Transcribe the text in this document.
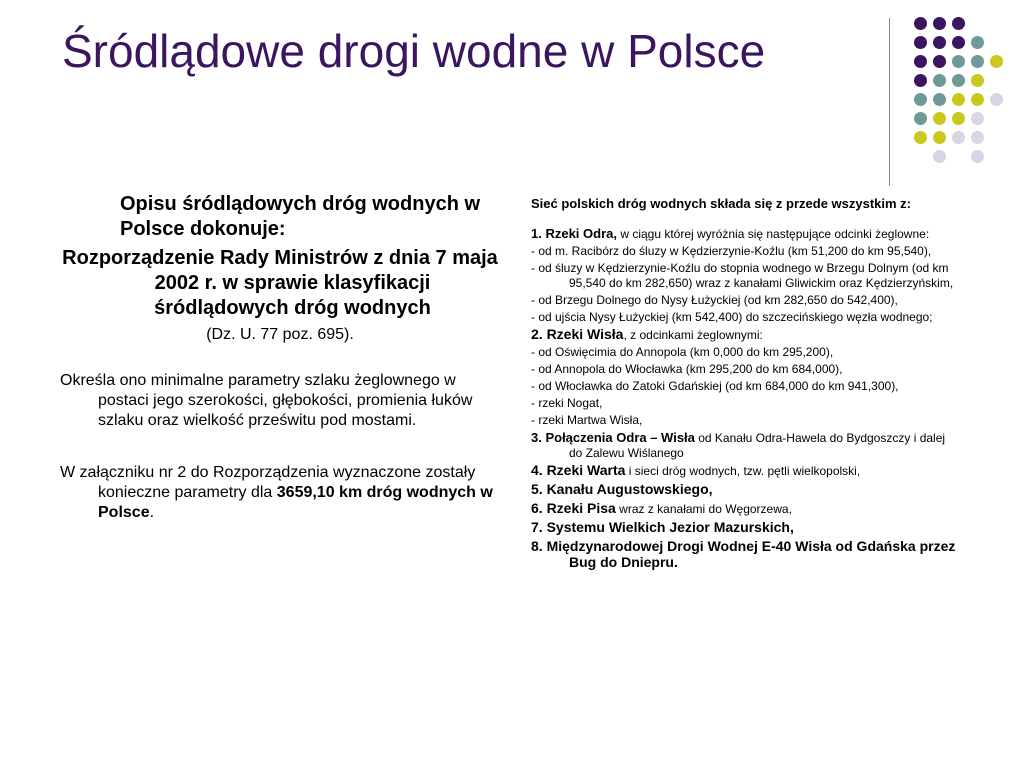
Śródlądowe drogi wodne w Polsce

Opisu śródlądowych dróg wodnych w Polsce dokonuje:

Rozporządzenie Rady Ministrów z dnia 7 maja 2002 r. w sprawie klasyfikacji śródlądowych dróg wodnych

(Dz. U. 77 poz. 695).

Określa ono minimalne parametry szlaku żeglownego w postaci jego szerokości, głębokości, promienia łuków szlaku oraz wielkość prześwitu pod mostami.

W załączniku nr 2 do Rozporządzenia wyznaczone zostały konieczne parametry dla 3659,10 km dróg wodnych w Polsce.

Sieć polskich dróg wodnych składa się z przede wszystkim z:

1. Rzeki Odra, w ciągu której wyróżnia się następujące odcinki żeglowne:

- od m. Racibórz do śluzy w Kędzierzynie-Koźlu (km 51,200 do km 95,540),

- od śluzy w Kędzierzynie-Koźlu do stopnia wodnego w Brzegu Dolnym (od km 95,540 do km 282,650) wraz z kanałami Gliwickim oraz Kędzierzyńskim,

- od Brzegu Dolnego do Nysy Łużyckiej (od km 282,650 do 542,400),

- od ujścia Nysy Łużyckiej (km 542,400) do szczecińskiego węzła wodnego;

2. Rzeki Wisła, z odcinkami żeglownymi:

- od Oświęcimia do Annopola (km 0,000 do km 295,200),

- od Annopola do Włocławka (km 295,200 do km 684,000),

- od Włocławka do Zatoki Gdańskiej (od km 684,000 do km 941,300),

- rzeki Nogat,

- rzeki Martwa Wisła,

3. Połączenia Odra – Wisła od Kanału Odra-Hawela do Bydgoszczy i dalej do Zalewu Wiślanego

4. Rzeki Warta i sieci dróg wodnych, tzw. pętli wielkopolski,

5. Kanału Augustowskiego,

6. Rzeki Pisa wraz z kanałami do Węgorzewa,

7. Systemu Wielkich Jezior Mazurskich,

8. Międzynarodowej Drogi Wodnej E-40 Wisła od Gdańska przez Bug do Dniepru.
